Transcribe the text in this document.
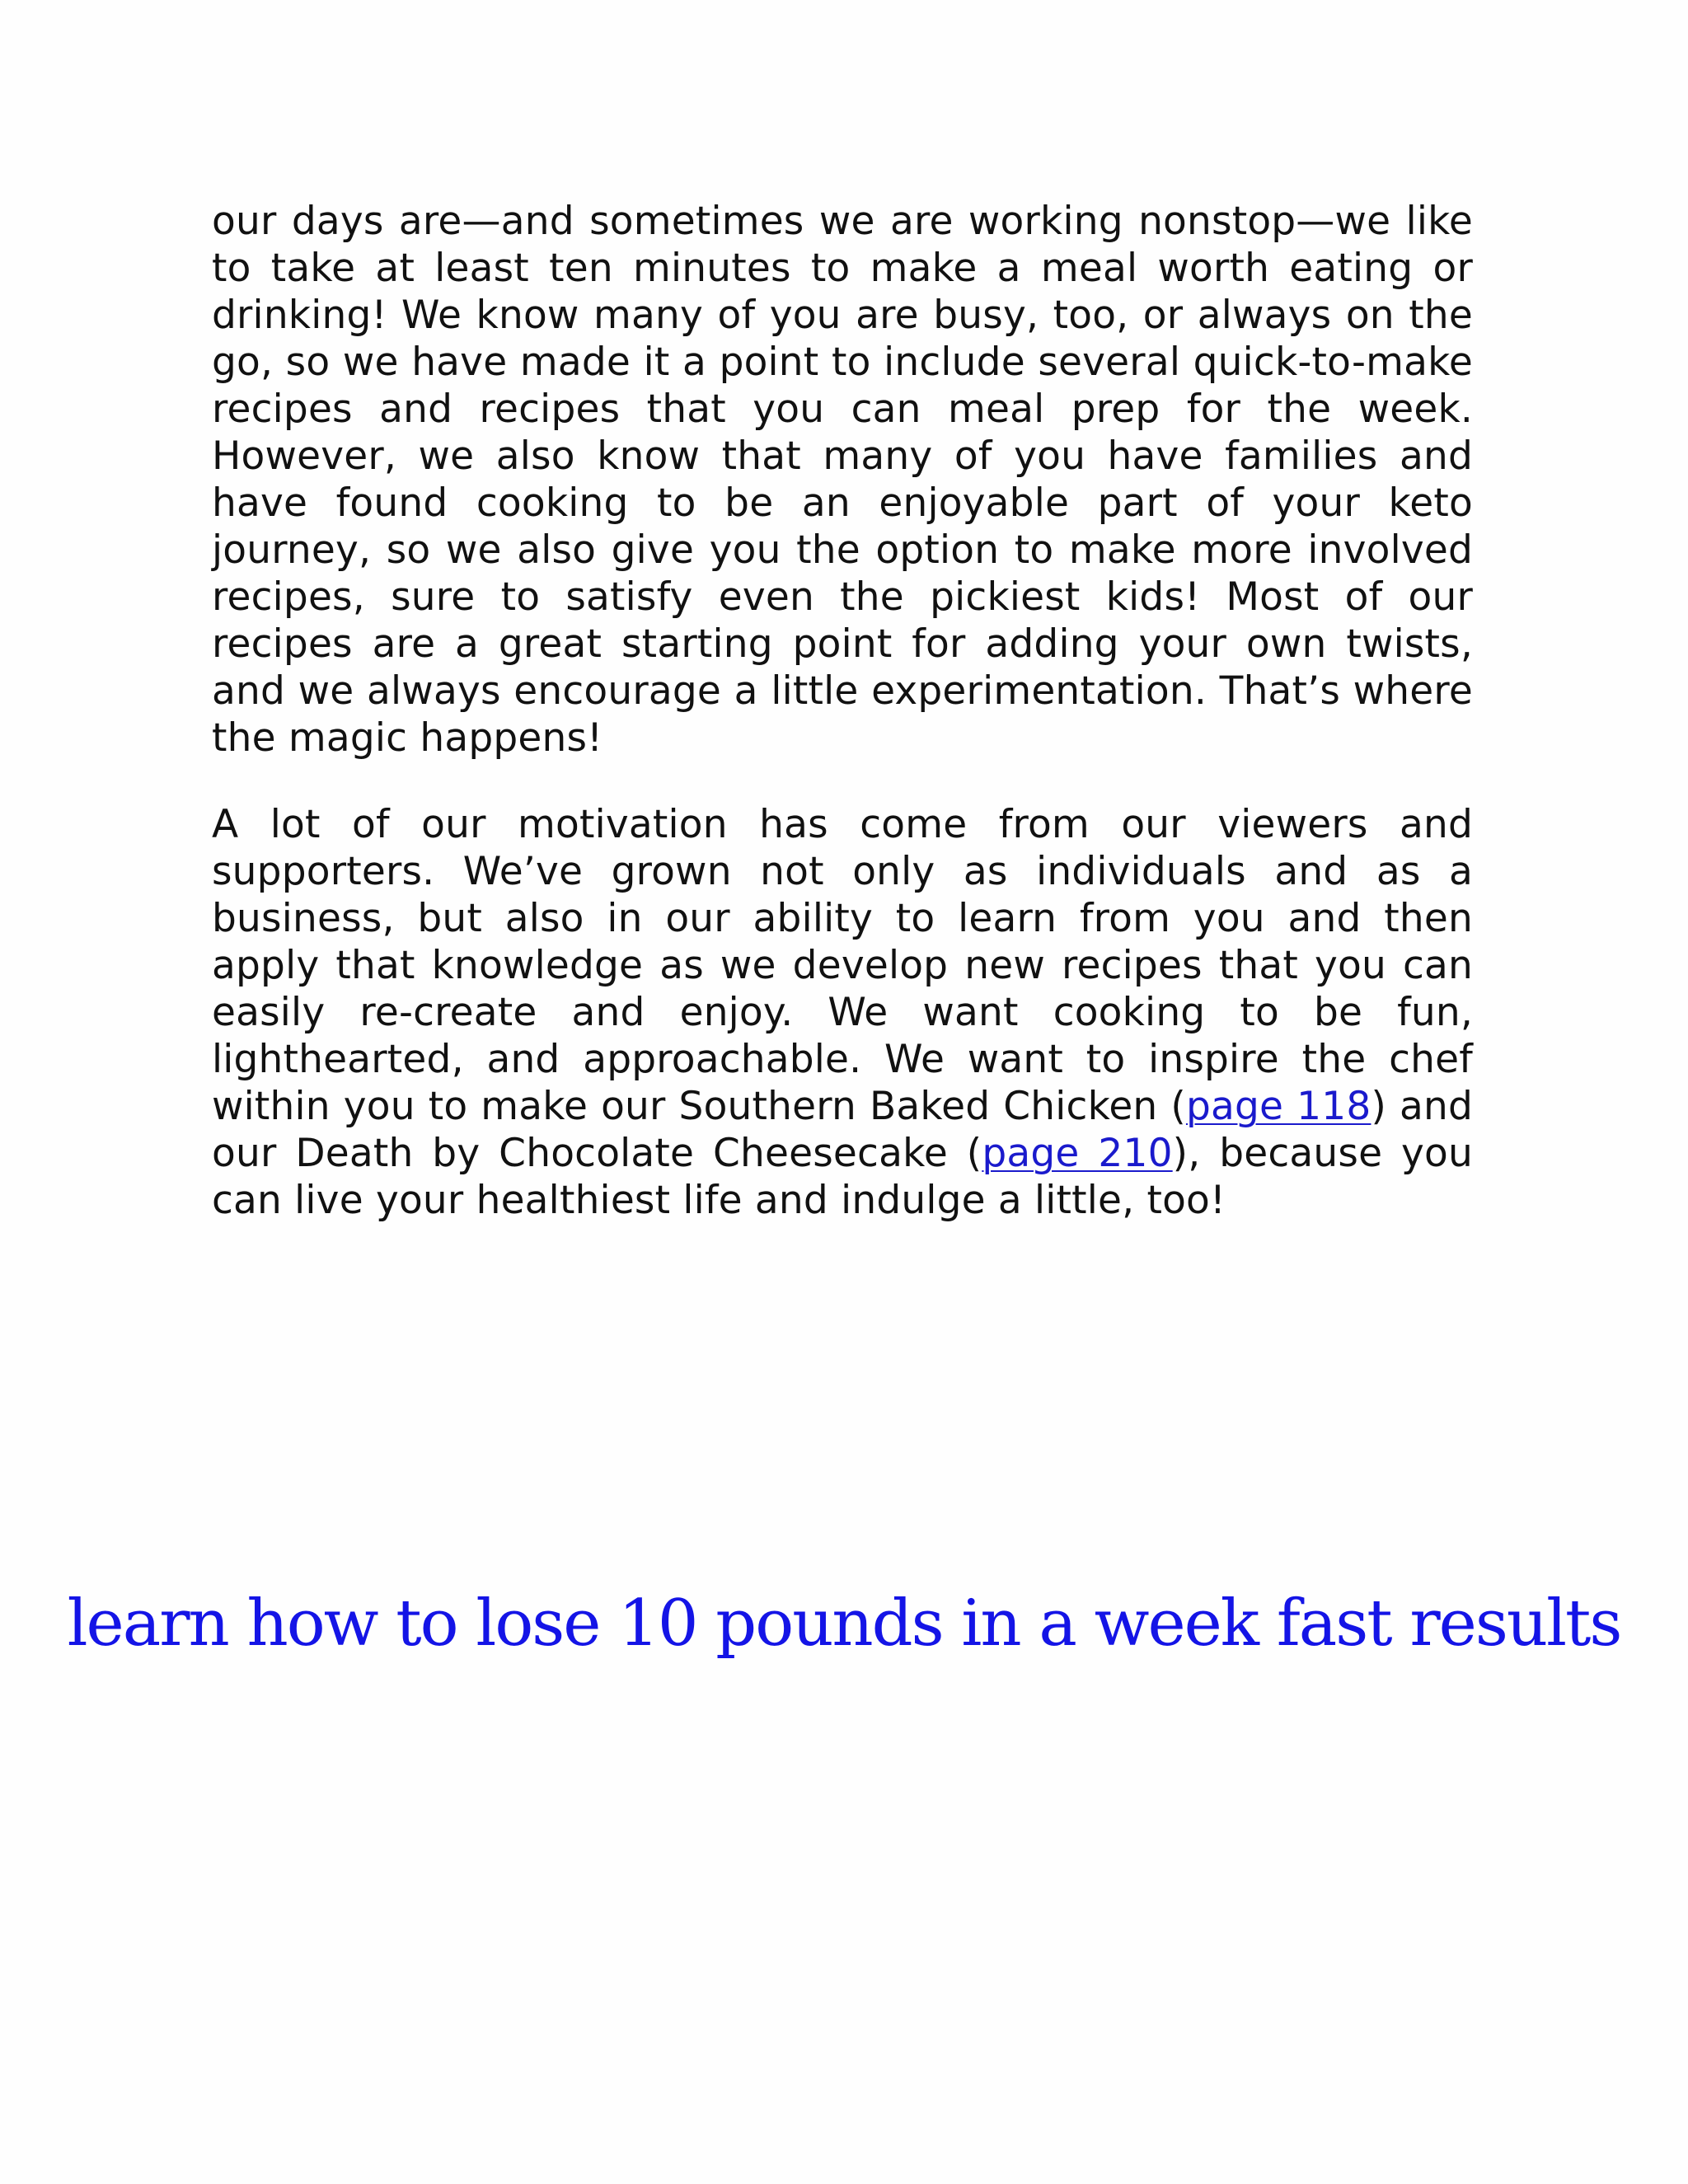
our days are—and sometimes we are working nonstop—we like to take at least ten minutes to make a meal worth eating or drinking! We know many of you are busy, too, or always on the go, so we have made it a point to include several quick-to-make recipes and recipes that you can meal prep for the week. However, we also know that many of you have families and have found cooking to be an enjoyable part of your keto journey, so we also give you the option to make more involved recipes, sure to satisfy even the pickiest kids! Most of our recipes are a great starting point for adding your own twists, and we always encourage a little experimentation. That’s where the magic happens!

A lot of our motivation has come from our viewers and supporters. We’ve grown not only as individuals and as a business, but also in our ability to learn from you and then apply that knowledge as we develop new recipes that you can easily re-create and enjoy. We want cooking to be fun, lighthearted, and approachable. We want to inspire the chef within you to make our Southern Baked Chicken (page 118) and our Death by Chocolate Cheesecake (page 210), because you can live your healthiest life and indulge a little, too!

learn how to lose 10 pounds in a week fast results
